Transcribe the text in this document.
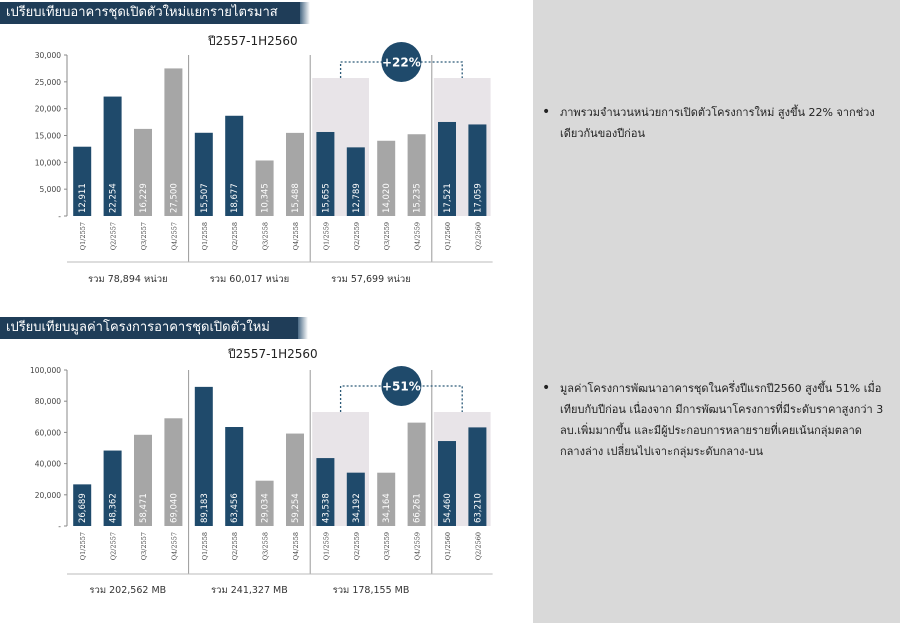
เปรียบเทียบอาคารชุดเปิดตัวใหม่แยกรายไตรมาส
ปี2557-1H2560
-
5,000
10,000
15,000
20,000
25,000
30,000
12,911
Q1/2557
22,254
Q2/2557
16,229
Q3/2557
27,500
Q4/2557
15,507
Q1/2558
18,677
Q2/2558
10,345
Q3/2558
15,488
Q4/2558
15,655
Q1/2559
12,789
Q2/2559
14,020
Q3/2559
15,235
Q4/2559
17,521
Q1/2560
17,059
Q2/2560
รวม 78,894 หน่วย	รวม 60,017 หน่วย	รวม 57,699 หน่วย
+22%
เปรียบเทียบมูลค่าโครงการอาคารชุดเปิดตัวใหม่
ปี2557-1H2560
-
20,000
40,000
60,000
80,000
100,000
26,689
Q1/2557
48,362
Q2/2557
58,471
Q3/2557
69,040
Q4/2557
89,183
Q1/2558
63,456
Q2/2558
29,034
Q3/2558
59,254
Q4/2558
43,538
Q1/2559
34,192
Q2/2559
34,164
Q3/2559
66,261
Q4/2559
54,460
Q1/2560
63,210
Q2/2560
รวม 202,562 MB	รวม 241,327 MB	รวม 178,155 MB
+51%
• ภาพรวมจำนวนหน่วยการเปิดตัวโครงการใหม่ สูงขึ้น 22% จากช่วงเดียวกันของปีก่อน
• มูลค่าโครงการพัฒนาอาคารชุดในครึ่งปีแรกปี2560 สูงขึ้น 51% เมื่อเทียบกับปีก่อน เนื่องจาก มีการพัฒนาโครงการที่มีระดับราคาสูงกว่า 3 ลบ.เพิ่มมากขึ้น และมีผู้ประกอบการหลายรายที่เคยเน้นกลุ่มตลาดกลางล่าง เปลี่ยนไปเจาะกลุ่มระดับกลาง-บน
